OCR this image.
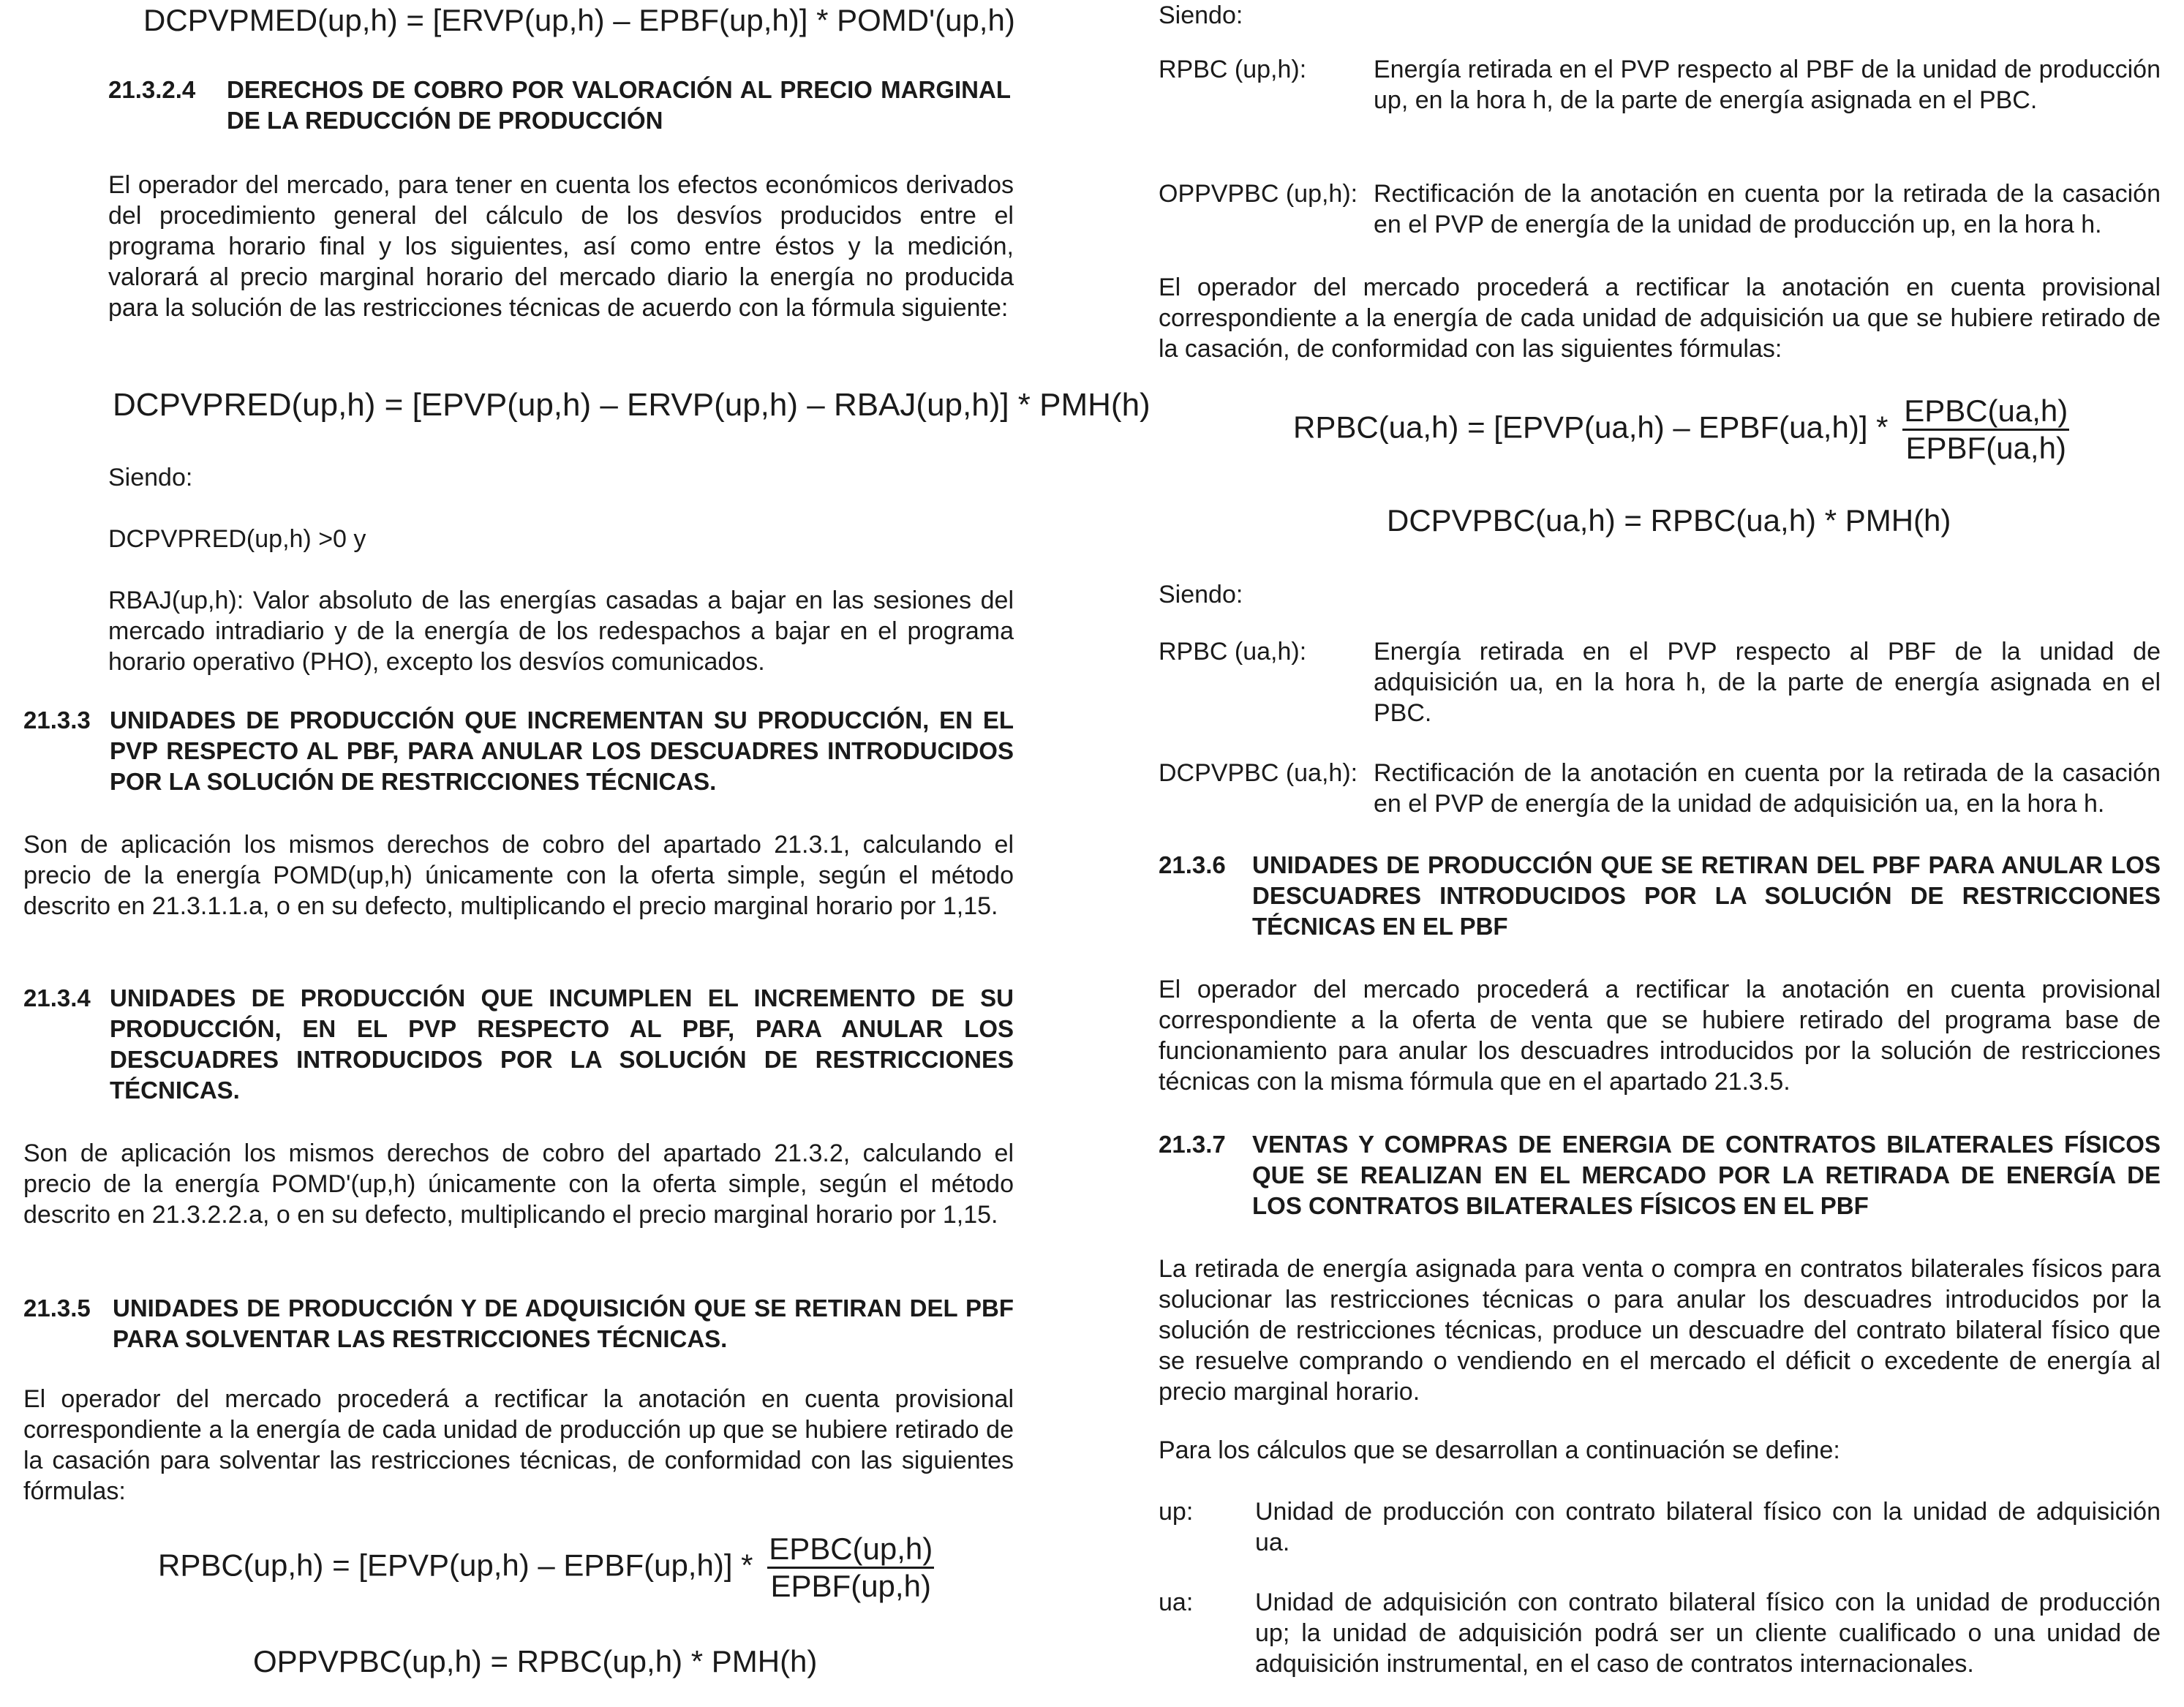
DCPVPMED(up,h) = [ERVP(up,h) – EPBF(up,h)] * POMD'(up,h)
21.3.2.4 DERECHOS DE COBRO POR VALORACIÓN AL PRECIO MARGINAL DE LA REDUCCIÓN DE PRODUCCIÓN

El operador del mercado, para tener en cuenta los efectos económicos derivados del procedimiento general del cálculo de los desvíos producidos entre el programa horario final y los siguientes, así como entre éstos y la medición, valorará al precio marginal horario del mercado diario la energía no producida para la solución de las restricciones técnicas de acuerdo con la fórmula siguiente:

DCPVPRED(up,h) = [EPVP(up,h) – ERVP(up,h) – RBAJ(up,h)] * PMH(h)

Siendo:

DCPVPRED(up,h) >0 y

RBAJ(up,h): Valor absoluto de las energías casadas a bajar en las sesiones del mercado intradiario y de la energía de los redespachos a bajar en el programa horario operativo (PHO), excepto los desvíos comunicados.

21.3.3 UNIDADES DE PRODUCCIÓN QUE INCREMENTAN SU PRODUCCIÓN, EN EL PVP RESPECTO AL PBF, PARA ANULAR LOS DESCUADRES INTRODUCIDOS POR LA SOLUCIÓN DE RESTRICCIONES TÉCNICAS.

Son de aplicación los mismos derechos de cobro del apartado 21.3.1, calculando el precio de la energía POMD(up,h) únicamente con la oferta simple, según el método descrito en 21.3.1.1.a, o en su defecto, multiplicando el precio marginal horario por 1,15.

21.3.4 UNIDADES DE PRODUCCIÓN QUE INCUMPLEN EL INCREMENTO DE SU PRODUCCIÓN, EN EL PVP RESPECTO AL PBF, PARA ANULAR LOS DESCUADRES INTRODUCIDOS POR LA SOLUCIÓN DE RESTRICCIONES TÉCNICAS.

Son de aplicación los mismos derechos de cobro del apartado 21.3.2, calculando el precio de la energía POMD'(up,h) únicamente con la oferta simple, según el método descrito en 21.3.2.2.a, o en su defecto, multiplicando el precio marginal horario por 1,15.

21.3.5 UNIDADES DE PRODUCCIÓN Y DE ADQUISICIÓN QUE SE RETIRAN DEL PBF PARA SOLVENTAR LAS RESTRICCIONES TÉCNICAS.

El operador del mercado procederá a rectificar la anotación en cuenta provisional correspondiente a la energía de cada unidad de producción up que se hubiere retirado de la casación para solventar las restricciones técnicas, de conformidad con las siguientes fórmulas:

RPBC(up,h) = [EPVP(up,h) – EPBF(up,h)] * $\frac{\text{EPBC(up,h)}}{\text{EPBF(up,h)}}$
OPPVPBC(up,h) = RPBC(up,h) * PMH(h)

Siendo:

RPBC (up,h):	Energía retirada en el PVP respecto al PBF de la unidad de producción up, en la hora h, de la parte de energía asignada en el PBC.
OPPVPBC (up,h): Rectificación de la anotación en cuenta por la retirada de la casación en el PVP de energía de la unidad de producción up, en la hora h.

El operador del mercado procederá a rectificar la anotación en cuenta provisional correspondiente a la energía de cada unidad de adquisición ua que se hubiere retirado de la casación, de conformidad con las siguientes fórmulas:

RPBC(ua,h) = [EPVP(ua,h) – EPBF(ua,h)] * $\frac{\text{EPBC(ua,h)}}{\text{EPBF(ua,h)}}$
DCPVPBC(ua,h) = RPBC(ua,h) * PMH(h)

Siendo:

RPBC (ua,h):	Energía retirada en el PVP respecto al PBF de la unidad de adquisición ua, en la hora h, de la parte de energía asignada en el PBC.
DCPVPBC (ua,h): Rectificación de la anotación en cuenta por la retirada de la casación en el PVP de energía de la unidad de adquisición ua, en la hora h.
21.3.6 UNIDADES DE PRODUCCIÓN QUE SE RETIRAN DEL PBF PARA ANULAR LOS DESCUADRES INTRODUCIDOS POR LA SOLUCIÓN DE RESTRICCIONES TÉCNICAS EN EL PBF

El operador del mercado procederá a rectificar la anotación en cuenta provisional correspondiente a la oferta de venta que se hubiere retirado del programa base de funcionamiento para anular los descuadres introducidos por la solución de restricciones técnicas con la misma fórmula que en el apartado 21.3.5.

21.3.7 VENTAS Y COMPRAS DE ENERGIA DE CONTRATOS BILATERALES FÍSICOS QUE SE REALIZAN EN EL MERCADO POR LA RETIRADA DE ENERGÍA DE LOS CONTRATOS BILATERALES FÍSICOS EN EL PBF

La retirada de energía asignada para venta o compra en contratos bilaterales físicos para solucionar las restricciones técnicas o para anular los descuadres introducidos por la solución de restricciones técnicas, produce un descuadre del contrato bilateral físico que se resuelve comprando o vendiendo en el mercado el déficit o excedente de energía al precio marginal horario.

Para los cálculos que se desarrollan a continuación se define:

up: Unidad de producción con contrato bilateral físico con la unidad de adquisición ua.
ua: Unidad de adquisición con contrato bilateral físico con la unidad de producción up; la unidad de adquisición podrá ser un cliente cualificado o una unidad de adquisición instrumental, en el caso de contratos internacionales.
